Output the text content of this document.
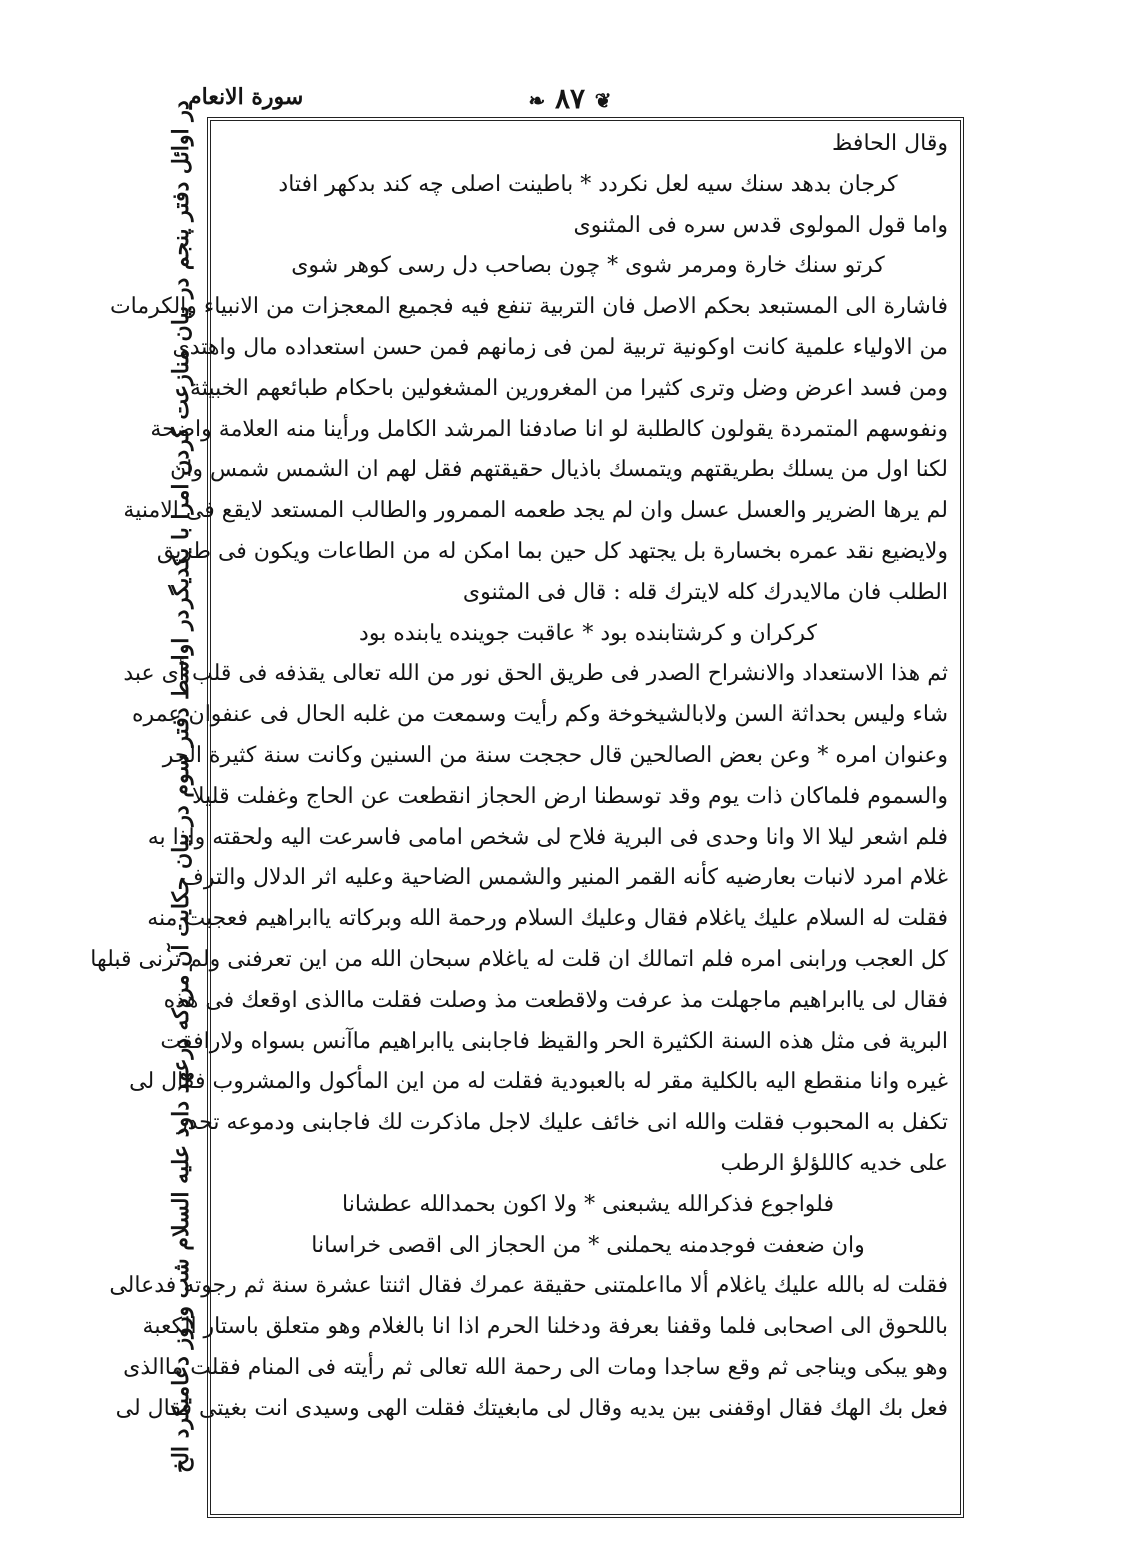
❦ ٨٧ ❧
سورة الانعام
در اوائل دفتر پنجم در بیان منازعت کردن امرا با یکدیگر
در اواسط دفتر سوم در بیان حکایت آن مردکه درعهد داود علیه السلام شب وروز دعامیکرد الخ
وقال الحافظ
كرجان بدهد سنك سيه لعل نكردد * باطينت اصلى چه كند بدكهر افتاد
واما قول المولوى قدس سره فى المثنوى
كرتو سنك خارة ومرمر شوى * چون بصاحب دل رسى كوهر شوى
فاشارة الى المستبعد بحكم الاصل فان التربية تنفع فيه فجميع المعجزات من الانبياء والكرمات
من الاولياء علمية كانت اوكونية تربية لمن فى زمانهم فمن حسن استعداده مال واهتدى
ومن فسد اعرض وضل وترى كثيرا من المغرورين المشغولين باحكام طبائعهم الخبيثة
ونفوسهم المتمردة يقولون كالطلبة لو انا صادفنا المرشد الكامل ورأينا منه العلامة واضحة
لكنا اول من يسلك بطريقتهم ويتمسك باذيال حقيقتهم فقل لهم ان الشمس شمس وان
لم يرها الضرير والعسل عسل وان لم يجد طعمه الممرور والطالب المستعد لايقع فى الامنية
ولايضيع نقد عمره بخسارة بل يجتهد كل حين بما امكن له من الطاعات ويكون فى طريق
الطلب فان مالايدرك كله لايترك قله : قال فى المثنوى
كركران و كرشتابنده بود * عاقبت جوينده يابنده بود
ثم هذا الاستعداد والانشراح الصدر فى طريق الحق نور من الله تعالى يقذفه فى قلب أى عبد
شاء وليس بحداثة السن ولابالشيخوخة وكم رأيت وسمعت من غلبه الحال فى عنفوان عمره
وعنوان امره * وعن بعض الصالحين قال حججت سنة من السنين وكانت سنة كثيرة الحر
والسموم فلماكان ذات يوم وقد توسطنا ارض الحجاز انقطعت عن الحاج وغفلت قليلا
فلم اشعر ليلا الا وانا وحدى فى البرية فلاح لى شخص امامى فاسرعت اليه ولحقته واذا به
غلام امرد لانبات بعارضيه كأنه القمر المنير والشمس الضاحية وعليه اثر الدلال والترف
فقلت له السلام عليك ياغلام فقال وعليك السلام ورحمة الله وبركاته ياابراهيم فعجبت منه
كل العجب ورابنى امره فلم اتمالك ان قلت له ياغلام سبحان الله من اين تعرفنى ولم ترنى قبلها
فقال لى ياابراهيم ماجهلت مذ عرفت ولاقطعت مذ وصلت فقلت ماالذى اوقعك فى هذه
البرية فى مثل هذه السنة الكثيرة الحر والقيظ فاجابنى ياابراهيم ماآنس بسواه ولارافقت
غيره وانا منقطع اليه بالكلية مقر له بالعبودية فقلت له من اين المأكول والمشروب فقال لى
تكفل به المحبوب فقلت والله انى خائف عليك لاجل ماذكرت لك فاجابنى ودموعه تحدر
على خديه كاللؤلؤ الرطب
فلواجوع فذكرالله يشبعنى * ولا اكون بحمدالله عطشانا
وان ضعفت فوجدمنه يحملنى * من الحجاز الى اقصى خراسانا
فقلت له بالله عليك ياغلام ألا مااعلمتنى حقيقة عمرك فقال اثنتا عشرة سنة ثم رجوته فدعالى
باللحوق الى اصحابى فلما وقفنا بعرفة ودخلنا الحرم اذا انا بالغلام وهو متعلق باستار الكعبة
وهو يبكى ويناجى ثم وقع ساجدا ومات الى رحمة الله تعالى ثم رأيته فى المنام فقلت ماالذى
فعل بك الهك فقال اوقفنى بين يديه وقال لى مابغيتك فقلت الهى وسيدى انت بغيتى فقال لى
